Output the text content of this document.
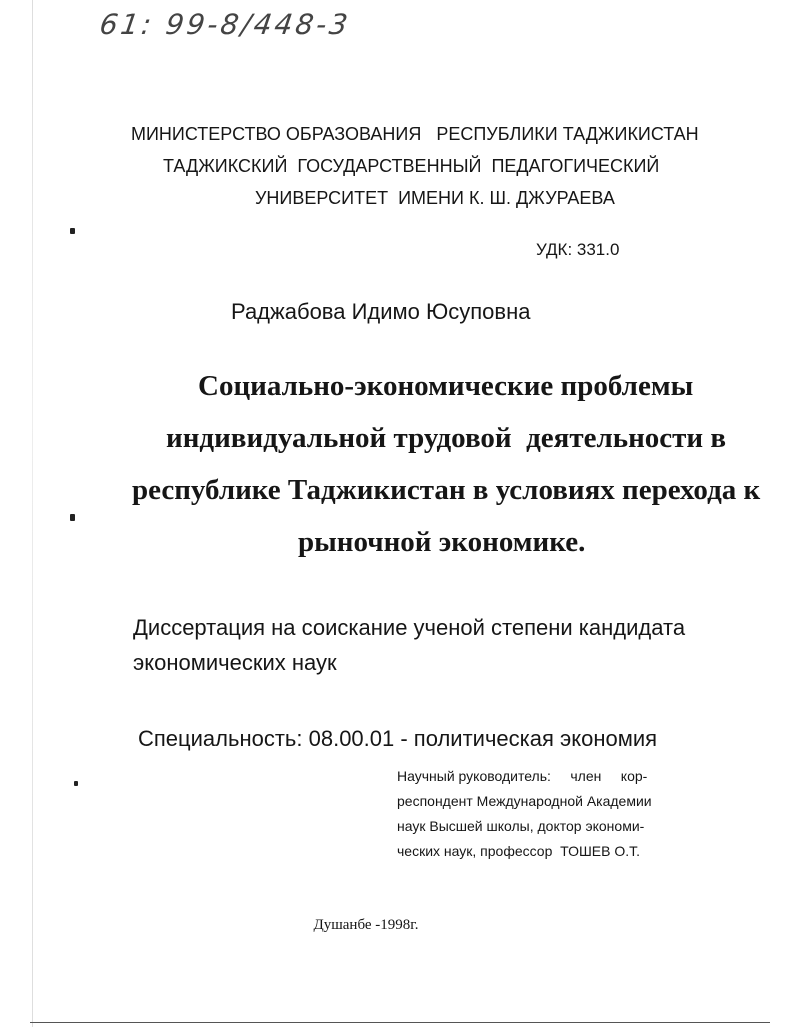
61: 99-8/448-3
МИНИСТЕРСТВО ОБРАЗОВАНИЯ   РЕСПУБЛИКИ ТАДЖИКИСТАН
ТАДЖИКСКИЙ  ГОСУДАРСТВЕННЫЙ  ПЕДАГОГИЧЕСКИЙ
УНИВЕРСИТЕТ  ИМЕНИ К. Ш. ДЖУРАЕВА
УДК: 331.0
Раджабова Идимо Юсуповна
Социально-экономические проблемы
индивидуальной трудовой  деятельности в
республике Таджикистан в условиях перехода к
рыночной экономике.
Диссертация на соискание ученой степени кандидата
экономических наук
Специальность: 08.00.01 - политическая экономия
Научный руководитель:     член     кор-
респондент Международной Академии
наук Высшей школы, доктор экономи-
ческих наук, профессор  ТОШЕВ О.Т.
Душанбе -1998г.
